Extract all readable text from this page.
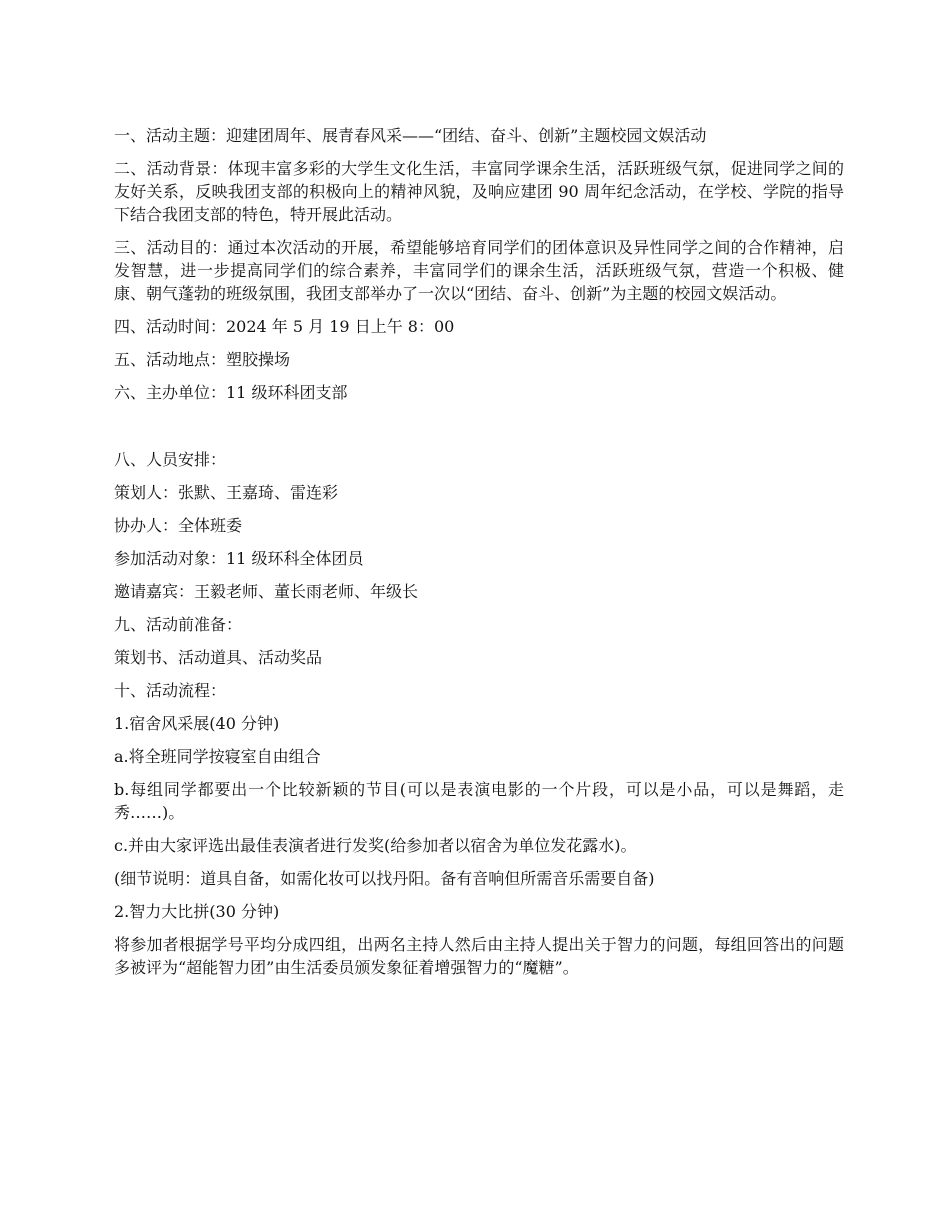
一、活动主题：迎建团周年、展青春风采——“团结、奋斗、创新”主题校园文娱活动

二、活动背景：体现丰富多彩的大学生文化生活，丰富同学课余生活，活跃班级气氛，促进同学之间的友好关系，反映我团支部的积极向上的精神风貌，及响应建团 90 周年纪念活动，在学校、学院的指导下结合我团支部的特色，特开展此活动。

三、活动目的：通过本次活动的开展，希望能够培育同学们的团体意识及异性同学之间的合作精神，启发智慧，进一步提高同学们的综合素养，丰富同学们的课余生活，活跃班级气氛，营造一个积极、健康、朝气蓬勃的班级氛围，我团支部举办了一次以“团结、奋斗、创新”为主题的校园文娱活动。

四、活动时间：2024 年 5 月 19 日上午 8：00

五、活动地点：塑胶操场

六、主办单位：11 级环科团支部

八、人员安排：

策划人：张默、王嘉琦、雷连彩

协办人：全体班委

参加活动对象：11 级环科全体团员

邀请嘉宾：王毅老师、董长雨老师、年级长

九、活动前准备：

策划书、活动道具、活动奖品

十、活动流程：

1.宿舍风采展(40 分钟)

a.将全班同学按寝室自由组合

b.每组同学都要出一个比较新颖的节目(可以是表演电影的一个片段，可以是小品，可以是舞蹈，走秀……)。

c.并由大家评选出最佳表演者进行发奖(给参加者以宿舍为单位发花露水)。

(细节说明：道具自备，如需化妆可以找丹阳。备有音响但所需音乐需要自备)

2.智力大比拼(30 分钟)

将参加者根据学号平均分成四组，出两名主持人然后由主持人提出关于智力的问题，每组回答出的问题多被评为“超能智力团”由生活委员颁发象征着增强智力的“魔糖”。
